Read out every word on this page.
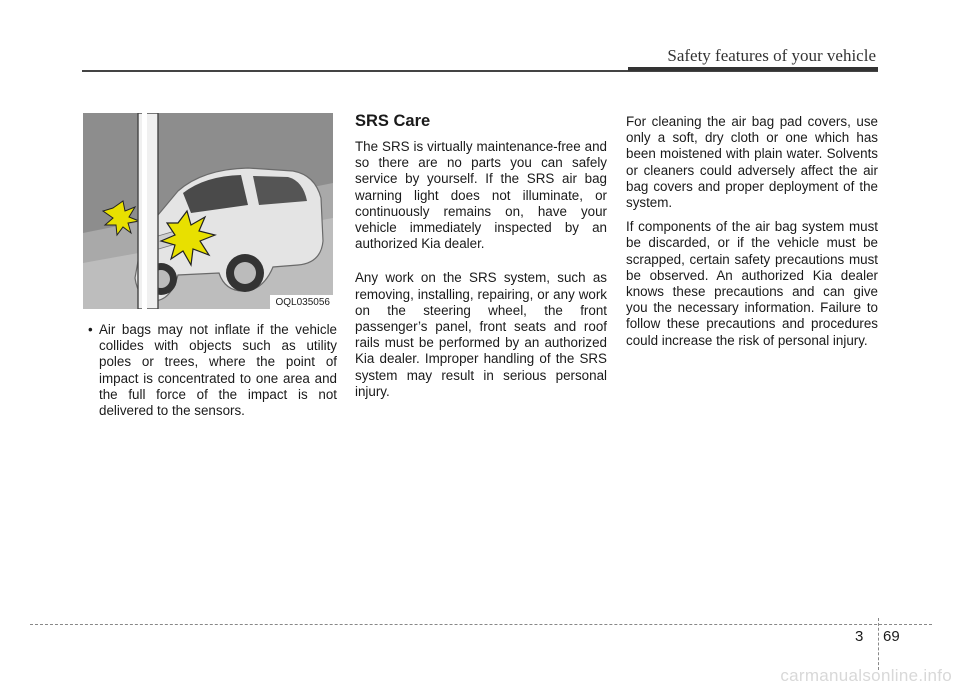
Safety features of your vehicle
OQL035056

• Air bags may not inflate if the vehicle collides with objects such as utility poles or trees, where the point of impact is concentrated to one area and the full force of the impact is not delivered to the sensors.

SRS Care

The SRS is virtually maintenance-free and so there are no parts you can safely service by yourself. If the SRS air bag warning light does not illuminate, or continuously remains on, have your vehicle immediately inspected by an authorized Kia dealer.

Any work on the SRS system, such as removing, installing, repairing, or any work on the steering wheel, the front passenger’s panel, front seats and roof rails must be performed by an authorized Kia dealer. Improper handling of the SRS system may result in serious personal injury.

For cleaning the air bag pad covers, use only a soft, dry cloth or one which has been moistened with plain water. Solvents or cleaners could adversely affect the air bag covers and proper deployment of the system.

If components of the air bag system must be discarded, or if the vehicle must be scrapped, certain safety precautions must be observed. An authorized Kia dealer knows these precautions and can give you the necessary information. Failure to follow these precautions and procedures could increase the risk of personal injury.

3 69
carmanualsonline.info
